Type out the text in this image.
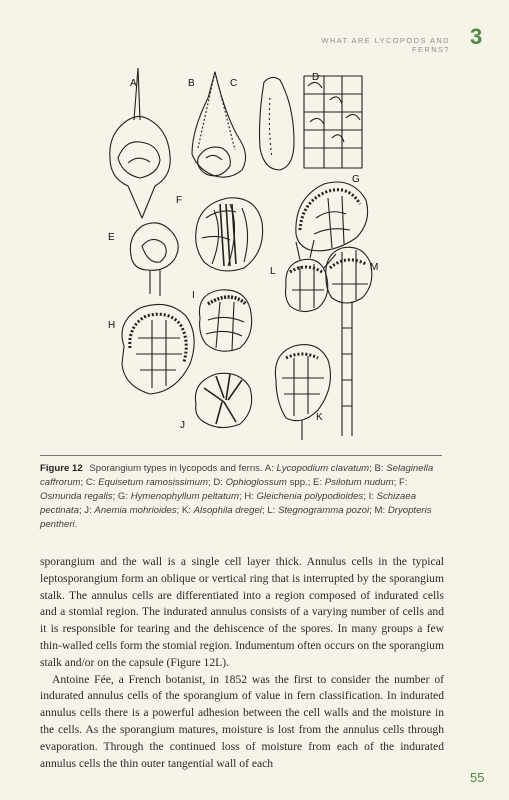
WHAT ARE LYCOPODS AND FERNS?
3
A	B	C
D
E
F
G
H
I
J
K
L	M
Figure 12 Sporangium types in lycopods and ferns. A: Lycopodium clavatum; B: Selaginella caffrorum; C: Equisetum ramosissimum; D: Ophioglossum spp.; E: Psilotum nudum; F: Osmunda regalis; G: Hymenophyllum peltatum; H: Gleichenia polypodioides; I: Schizaea pectinata; J: Anemia mohrioides; K: Alsophila dregei; L: Stegnogramma pozoi; M: Dryopteris pentheri.

sporangium and the wall is a single cell layer thick. Annulus cells in the typical leptosporangium form an oblique or vertical ring that is interrupted by the sporangium stalk. The annulus cells are differentiated into a region composed of indurated cells and a stomial region. The indurated annulus consists of a varying number of cells and it is responsible for tearing and the dehiscence of the spores. In many groups a few thin-walled cells form the stomial region. Indumentum often occurs on the sporangium stalk and/or on the capsule (Figure 12L).

Antoine Fée, a French botanist, in 1852 was the first to consider the number of indurated annulus cells of the sporangium of value in fern classification. In indurated annulus cells there is a powerful adhesion between the cell walls and the moisture in the cells. As the sporangium matures, moisture is lost from the annulus cells through evaporation. Through the continued loss of moisture from each of the indurated annulus cells the thin outer tangential wall of each

55
